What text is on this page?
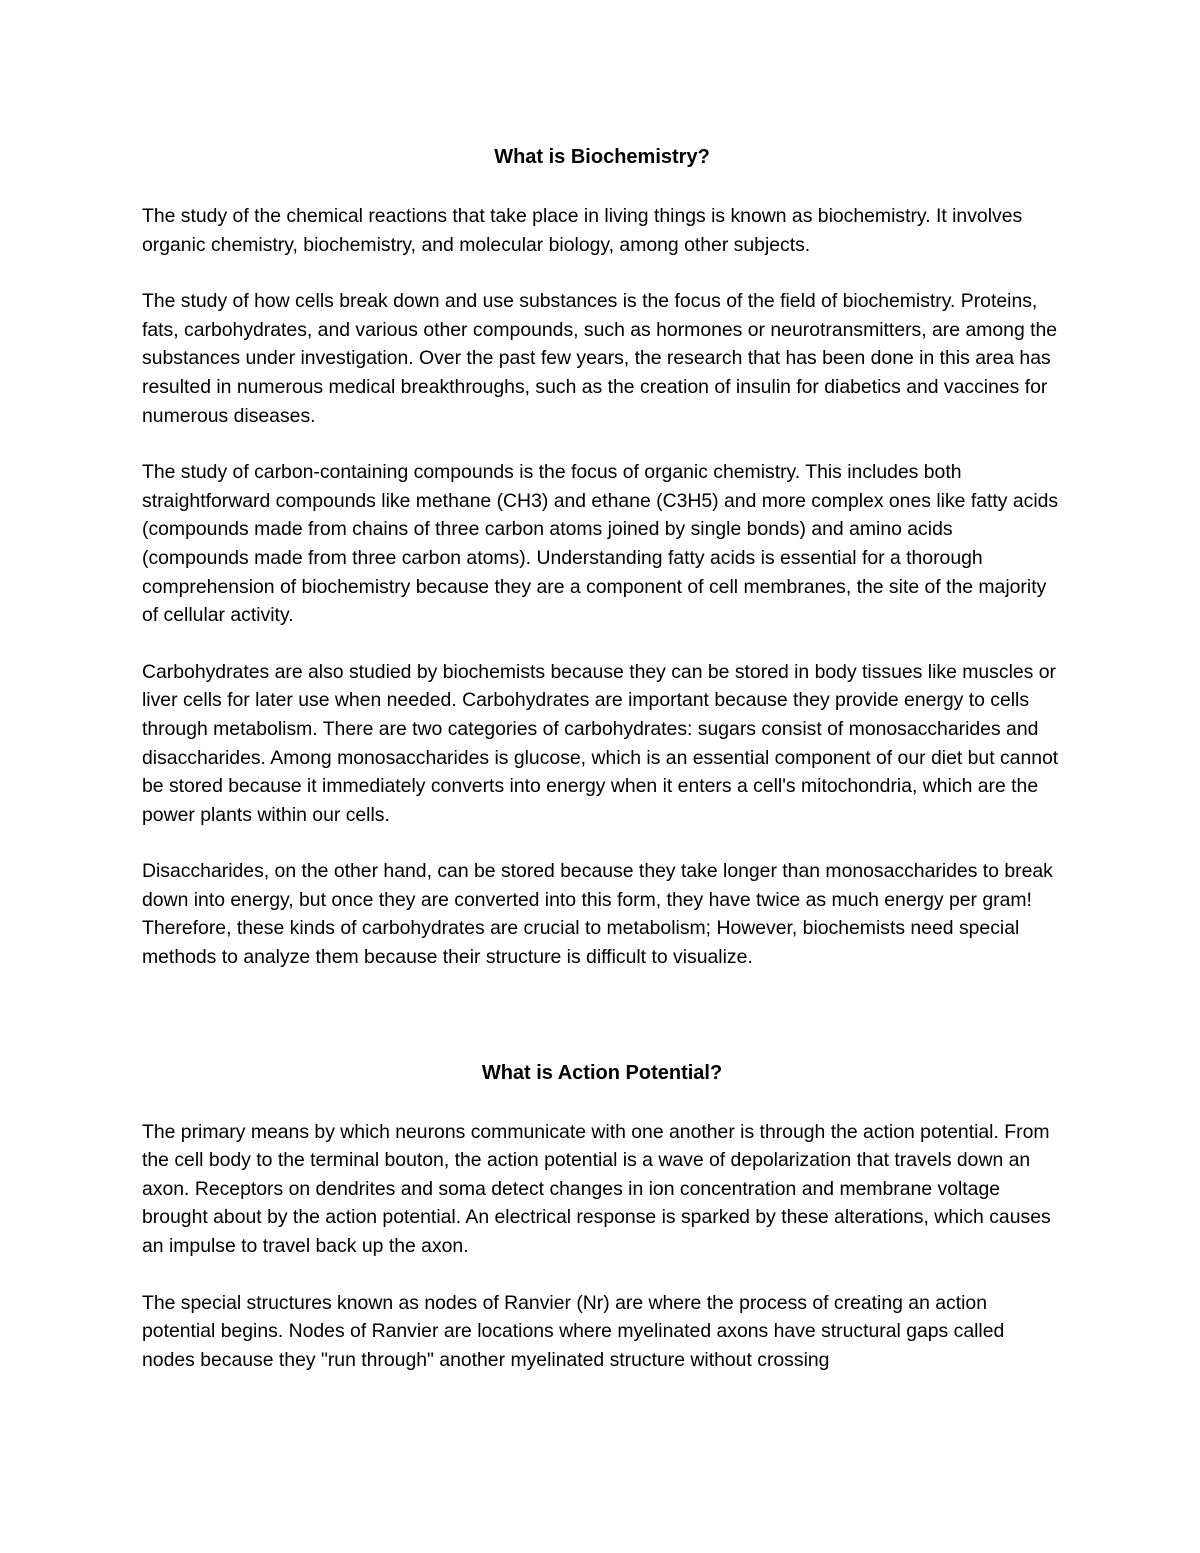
What is Biochemistry?

The study of the chemical reactions that take place in living things is known as biochemistry. It involves organic chemistry, biochemistry, and molecular biology, among other subjects.

The study of how cells break down and use substances is the focus of the field of biochemistry. Proteins, fats, carbohydrates, and various other compounds, such as hormones or neurotransmitters, are among the substances under investigation. Over the past few years, the research that has been done in this area has resulted in numerous medical breakthroughs, such as the creation of insulin for diabetics and vaccines for numerous diseases.

The study of carbon-containing compounds is the focus of organic chemistry. This includes both straightforward compounds like methane (CH3) and ethane (C3H5) and more complex ones like fatty acids (compounds made from chains of three carbon atoms joined by single bonds) and amino acids (compounds made from three carbon atoms). Understanding fatty acids is essential for a thorough comprehension of biochemistry because they are a component of cell membranes, the site of the majority of cellular activity.

Carbohydrates are also studied by biochemists because they can be stored in body tissues like muscles or liver cells for later use when needed. Carbohydrates are important because they provide energy to cells through metabolism. There are two categories of carbohydrates: sugars consist of monosaccharides and disaccharides. Among monosaccharides is glucose, which is an essential component of our diet but cannot be stored because it immediately converts into energy when it enters a cell's mitochondria, which are the power plants within our cells.

Disaccharides, on the other hand, can be stored because they take longer than monosaccharides to break down into energy, but once they are converted into this form, they have twice as much energy per gram! Therefore, these kinds of carbohydrates are crucial to metabolism; However, biochemists need special methods to analyze them because their structure is difficult to visualize.

What is Action Potential?

The primary means by which neurons communicate with one another is through the action potential. From the cell body to the terminal bouton, the action potential is a wave of depolarization that travels down an axon. Receptors on dendrites and soma detect changes in ion concentration and membrane voltage brought about by the action potential. An electrical response is sparked by these alterations, which causes an impulse to travel back up the axon.

The special structures known as nodes of Ranvier (Nr) are where the process of creating an action potential begins. Nodes of Ranvier are locations where myelinated axons have structural gaps called nodes because they "run through" another myelinated structure without crossing
